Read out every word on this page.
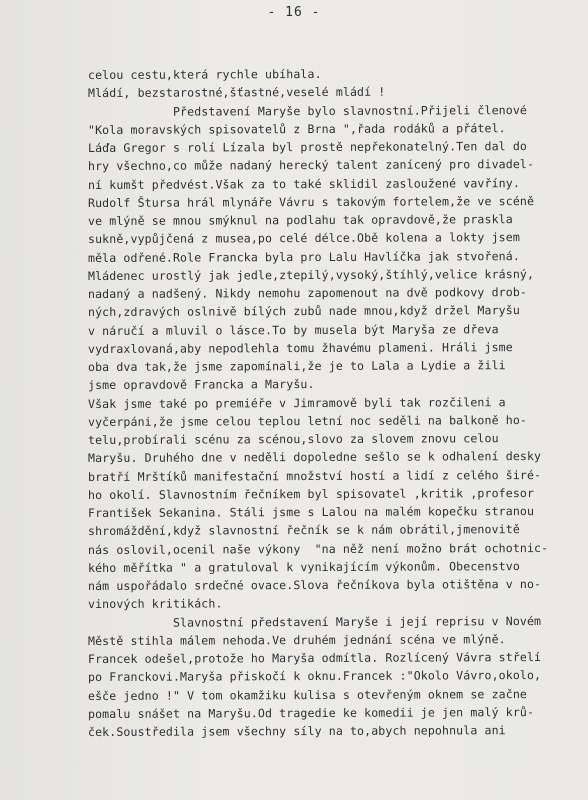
- 16 -
celou cestu,která rychle ubíhala.
Mládí, bezstarostné,šťastné,veselé mládí !
Představení Maryše bylo slavnostní.Přijeli členové
"Kola moravských spisovatelů z Brna ",řada rodáků a přátel.
Láďa Gregor s rolí Lízala byl prostě nepřekonatelný.Ten dal do
hry všechno,co může nadaný herecký talent zanícený pro divadel-
ní kumšt předvést.Však za to také sklidil zasloužené vavříny.
Rudolf Štursa hrál mlynáře Vávru s takovým fortelem,že ve scéně
ve mlýně se mnou smýknul na podlahu tak opravdově,že praskla
sukně,vypůjčená z musea,po celé délce.Obě kolena a lokty jsem
měla odřené.Role Francka byla pro Lalu Havlíčka jak stvořená.
Mládenec urostlý jak jedle,ztepilý,vysoký,štíhlý,velice krásný,
nadaný a nadšený. Nikdy nemohu zapomenout na dvě podkovy drob-
ných,zdravých oslnivě bílých zubů nade mnou,když držel Maryšu
v náručí a mluvil o lásce.To by musela být Maryša ze dřeva
vydraxlovaná,aby nepodlehla tomu žhavému plameni. Hráli jsme
oba dva tak,že jsme zapomínali,že je to Lala a Lydie a žili
jsme opravdově Francka a Maryšu.
Však jsme také po premiéře v Jimramově byli tak rozčileni a
vyčerpáni,že jsme celou teplou letní noc seděli na balkoně ho-
telu,probírali scénu za scénou,slovo za slovem znovu celou
Maryšu. Druhého dne v neděli dopoledne sešlo se k odhalení desky
bratří Mrštíků manifestační množství hostí a lidí z celého širé-
ho okolí. Slavnostním řečníkem byl spisovatel ,kritik ,profesor
František Sekanina. Stáli jsme s Lalou na malém kopečku stranou
shromáždění,když slavnostní řečník se k nám obrátil,jmenovitě
nás oslovil,ocenil naše výkony  "na něž není možno brát ochotnic-
kého měřítka " a gratuloval k vynikajícím výkonům. Obecenstvo
nám uspořádalo srdečné ovace.Slova řečníkova byla otištěna v no-
vinových kritikách.
Slavnostní představení Maryše i její reprisu v Novém
Městě stihla málem nehoda.Ve druhém jednání scéna ve mlýně.
Francek odešel,protože ho Maryša odmítla. Rozlícený Vávra střelí
po Franckovi.Maryša přiskočí k oknu.Francek :"Okolo Vávro,okolo,
ešče jedno !" V tom okamžiku kulisa s otevřeným oknem se začne
pomalu snášet na Maryšu.Od tragedie ke komedii je jen malý krů-
ček.Soustředila jsem všechny síly na to,abych nepohnula ani
